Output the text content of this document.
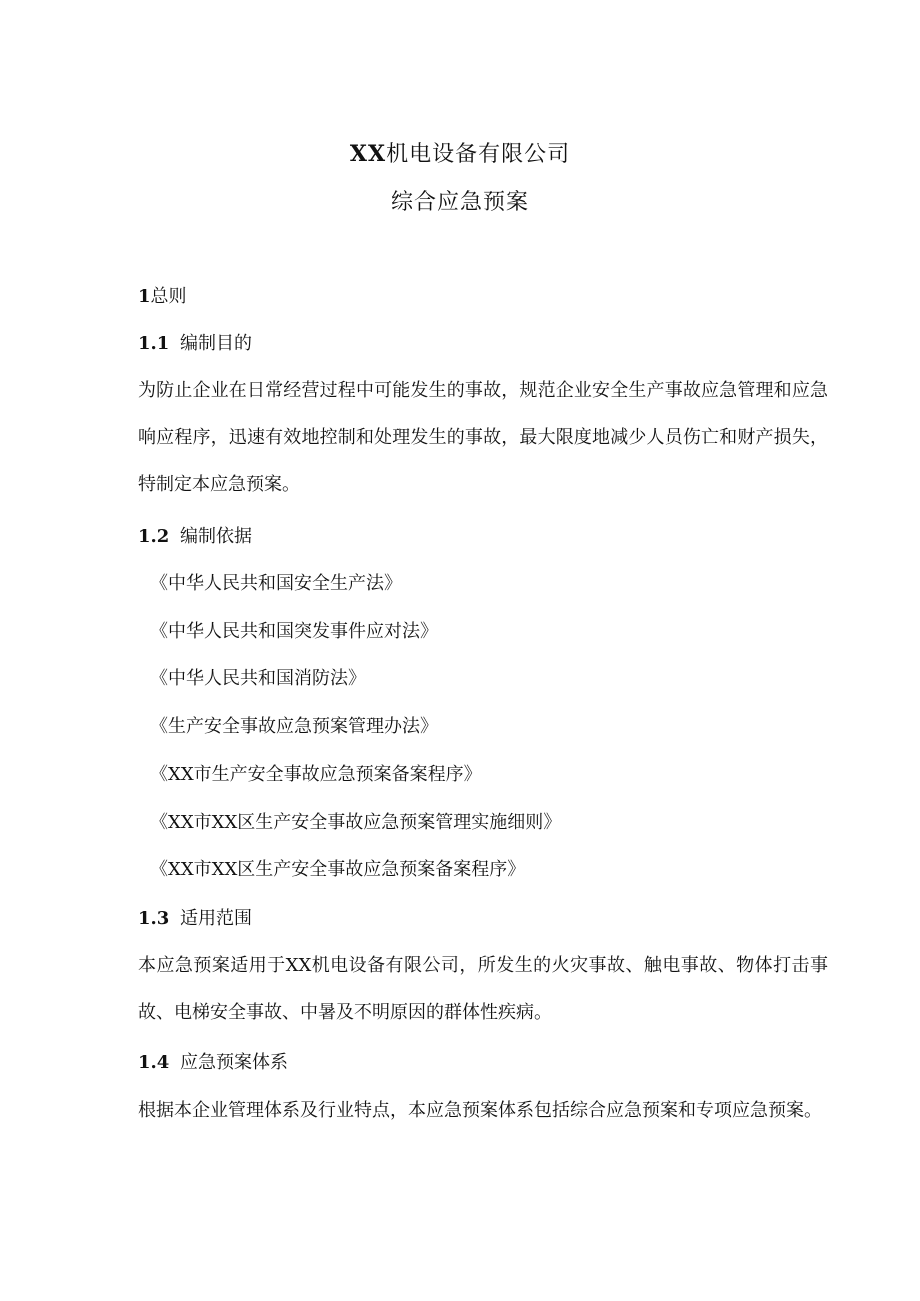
XX机电设备有限公司
综合应急预案
1总则
1.1 编制目的
为防止企业在日常经营过程中可能发生的事故，规范企业安全生产事故应急管理和应急响应程序，迅速有效地控制和处理发生的事故，最大限度地减少人员伤亡和财产损失，特制定本应急预案。
1.2 编制依据
《中华人民共和国安全生产法》
《中华人民共和国突发事件应对法》
《中华人民共和国消防法》
《生产安全事故应急预案管理办法》
《XX市生产安全事故应急预案备案程序》
《XX市XX区生产安全事故应急预案管理实施细则》
《XX市XX区生产安全事故应急预案备案程序》
1.3 适用范围
本应急预案适用于XX机电设备有限公司，所发生的火灾事故、触电事故、物体打击事故、电梯安全事故、中暑及不明原因的群体性疾病。
1.4 应急预案体系
根据本企业管理体系及行业特点，本应急预案体系包括综合应急预案和专项应急预案。
